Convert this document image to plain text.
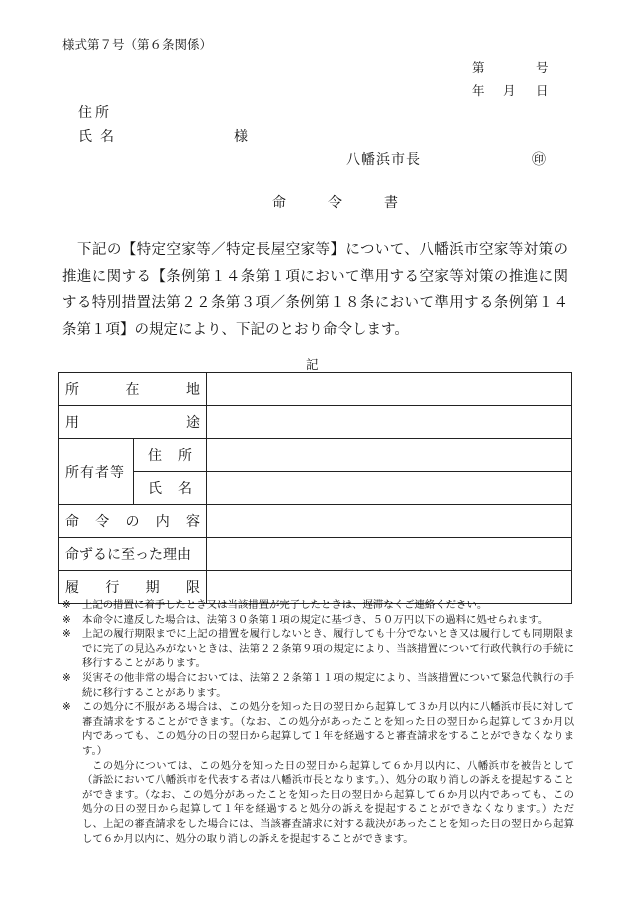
様式第７号（第６条関係）
第	号
年 月 日
住所
氏名	様
八幡浜市長	㊞
命　令　書
下記の【特定空家等／特定長屋空家等】について、八幡浜市空家等対策の推進に関する【条例第１４条第１項において準用する空家等対策の推進に関する特別措置法第２２条第３項／条例第１８条において準用する条例第１４条第１項】の規定により、下記のとおり命令します。
記
所 在 地		

用 途		

所有者等	住 所	

	氏 名	

命 令 の 内 容		

命ずるに至った理由		

履 行 期 限		

※	上記の措置に着手したとき又は当該措置が完了したときは、遅滞なくご連絡ください。
※	本命令に違反した場合は、法第３０条第１項の規定に基づき、５０万円以下の過料に処せられます。
※	上記の履行期限までに上記の措置を履行しないとき、履行しても十分でないとき又は履行しても同期限までに完了の見込みがないときは、法第２２条第９項の規定により、当該措置について行政代執行の手続に移行することがあります。
※	災害その他非常の場合においては、法第２２条第１１項の規定により、当該措置について緊急代執行の手続に移行することがあります。
※	この処分に不服がある場合は、この処分を知った日の翌日から起算して３か月以内に八幡浜市長に対して審査請求をすることができます。（なお、この処分があったことを知った日の翌日から起算して３か月以内であっても、この処分の日の翌日から起算して１年を経過すると審査請求をすることができなくなります。）
この処分については、この処分を知った日の翌日から起算して６か月以内に、八幡浜市を被告として（訴訟において八幡浜市を代表する者は八幡浜市長となります。）、処分の取り消しの訴えを提起することができます。（なお、この処分があったことを知った日の翌日から起算して６か月以内であっても、この処分の日の翌日から起算して１年を経過すると処分の訴えを提起することができなくなります。）ただし、上記の審査請求をした場合には、当該審査請求に対する裁決があったことを知った日の翌日から起算して６か月以内に、処分の取り消しの訴えを提起することができます。
